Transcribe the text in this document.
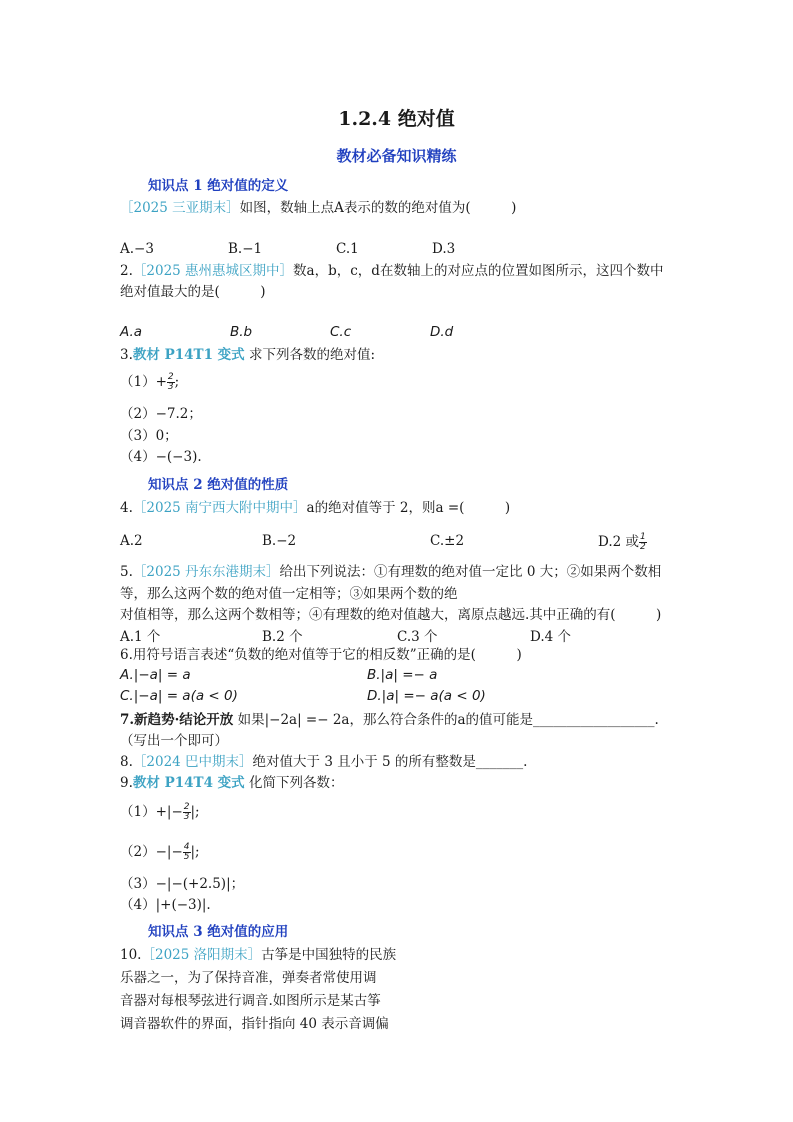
1.2.4 绝对值
教材必备知识精练
知识点 1 绝对值的定义
［2025 三亚期末］如图，数轴上点A表示的数的绝对值为(　　　)
A.−3	B.−1	C.1	D.3
2.［2025 惠州惠城区期中］数a，b，c，d在数轴上的对应点的位置如图所示，这四个数中
绝对值最大的是(　　　)
A.a	B.b	C.c	D.d
3.教材 P14T1 变式 求下列各数的绝对值:
$(1)+ \frac{2}{3}$ ;
（2）−7.2；
（3）0；
（4）−(−3).
知识点 2 绝对值的性质
4.［2025 南宁西大附中期中］a的绝对值等于 2，则a =(　　　)
A.2	B.−2	C.±2	D.2 或 $\frac{1}{2}$
5.［2025 丹东东港期末］给出下列说法：①有理数的绝对值一定比 0 大；②如果两个数相
等，那么这两个数的绝对值一定相等；③如果两个数的绝
对值相等，那么这两个数相等；④有理数的绝对值越大，离原点越远.其中正确的有(　　　)
A.1 个	B.2 个	C.3 个	D.4 个
6.用符号语言表述“负数的绝对值等于它的相反数”正确的是(　　　)
A.|−a| = a	B.|a| =− a
C.|−a| = a(a < 0)	D.|a| =− a(a < 0)
7.新趋势·结论开放 如果|−2a| =− 2a，那么符合条件的a的值可能是__________________.
（写出一个即可）
8.［2024 巴中期末］绝对值大于 3 且小于 5 的所有整数是_______.
9.教材 P14T4 变式 化简下列各数：
$(1)+|- \frac{2}{3}$ |;
$(2)-|- \frac{4}{5}$ |;
（3）−|−(+2.5)|；
（4）|+(−3)|.
知识点 3 绝对值的应用
10.［2025 洛阳期末］古筝是中国独特的民族
乐器之一，为了保持音准，弹奏者常使用调
音器对每根琴弦进行调音.如图所示是某古筝
调音器软件的界面，指针指向 40 表示音调偏
